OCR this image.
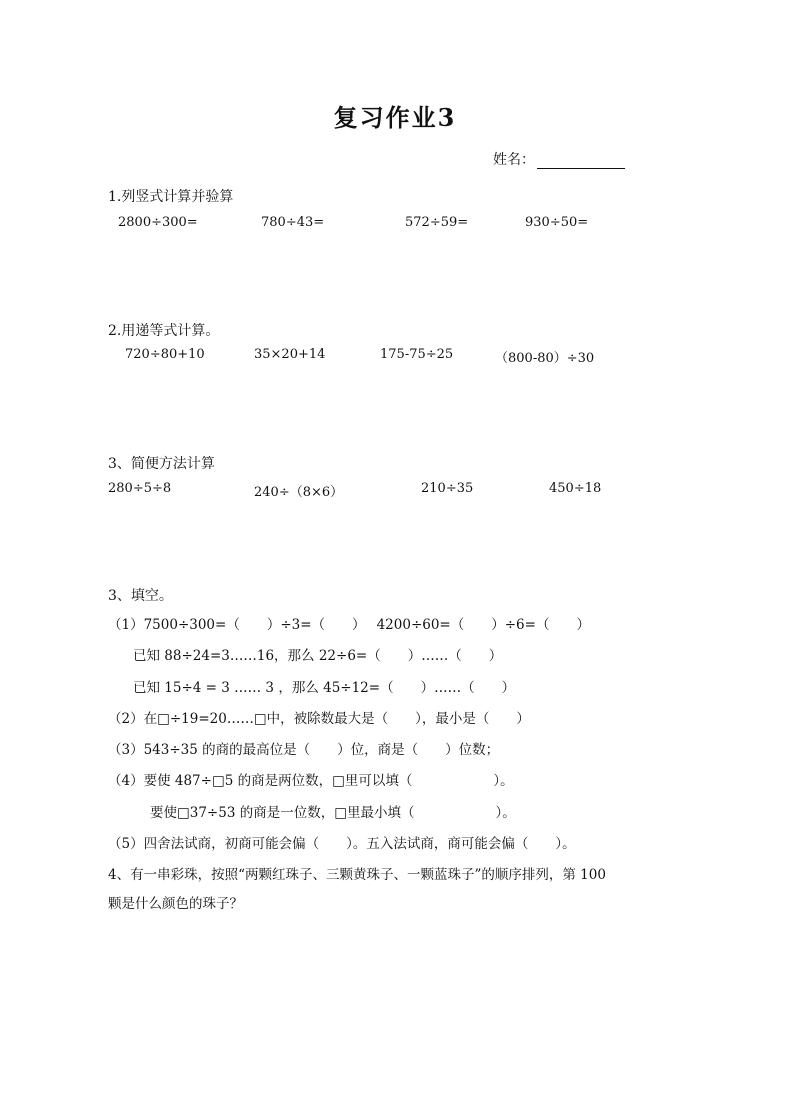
复习作业3
姓名：
1.列竖式计算并验算
2800÷300=	780÷43=	572÷59=	930÷50=
2.用递等式计算。
720÷80+10	35×20+14	175-75÷25	（800-80）÷30
3、简便方法计算
280÷5÷8	240÷（8×6）	210÷35	450÷18
3、填空。
（1）7500÷300=（　　）÷3=（　　）　 4200÷60=（　　）÷6=（　　）
已知 88÷24=3……16，那么 22÷6=（　　）……（　　）
已知 15÷4 = 3 …… 3 ，那么 45÷12=（　　）……（　　）
（2）在□÷19=20……□中，被除数最大是（　　），最小是（　　）
（3）543÷35 的商的最高位是（　　）位，商是（　　）位数；
（4）要使 487÷□5 的商是两位数，□里可以填（　　　　　　）。
要使□37÷53 的商是一位数，□里最小填（　　　　　　）。
（5）四舍法试商，初商可能会偏（　　）。五入法试商，商可能会偏（　　）。
4、有一串彩珠，按照“两颗红珠子、三颗黄珠子、一颗蓝珠子”的顺序排列，第 100
颗是什么颜色的珠子？
